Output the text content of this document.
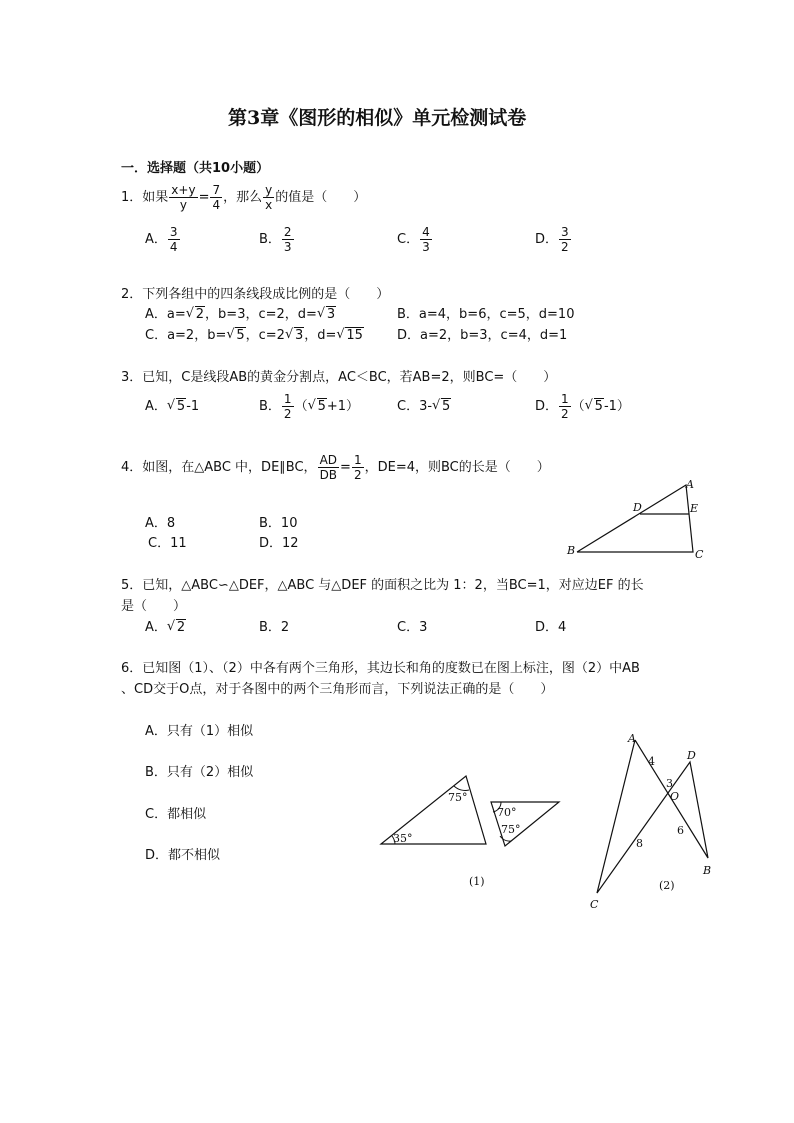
第3章《图形的相似》单元检测试卷
一．选择题（共10小题）
1．如果 $\frac{x+y}{y} = \frac{7}{4}$ ，那么 $\frac{y}{x}$ 的值是（　　）
A． $\frac{3}{4}$	B． $\frac{2}{3}$	C． $\frac{4}{3}$	D． $\frac{3}{2}$
2．下列各组中的四条线段成比例的是（　　）
A．a= √ 2，b=3，c=2，d= √ 3	B．a=4，b=6，c=5，d=10
C．a=2，b= √ 5，c=2 √ 3，d= √ 15	D．a=2，b=3，c=4，d=1
3．已知，C是线段AB的黄金分割点，AC＜BC，若AB=2，则BC=（　　）
A． √ 5-1	B． $\frac{1}{2}$ （ √ 5+1）	C．3- √ 5	D． $\frac{1}{2}$ （ √ 5-1）
4．如图，在△ABC 中，DE∥BC， $\frac{AD}{DB} = \frac{1}{2}$ ，DE=4，则BC的长是（　　）
A．8	B．10
C．11	D．12
A
B	C
D	E
5．已知，△ABC∽△DEF，△ABC 与△DEF 的面积之比为 1：2，当BC=1，对应边EF 的长
是（　　）
A． √ 2	B．2	C．3	D．4
6．已知图（1）、（2）中各有两个三角形，其边长和角的度数已在图上标注，图（2）中AB
、CD交于O点，对于各图中的两个三角形而言，下列说法正确的是（　　）
A．只有（1）相似
B．只有（2）相似
C．都相似
D．都不相似
75°
35°
70°
75°
(1)
A
D
O
B
C
4
3
8
6
(2)
